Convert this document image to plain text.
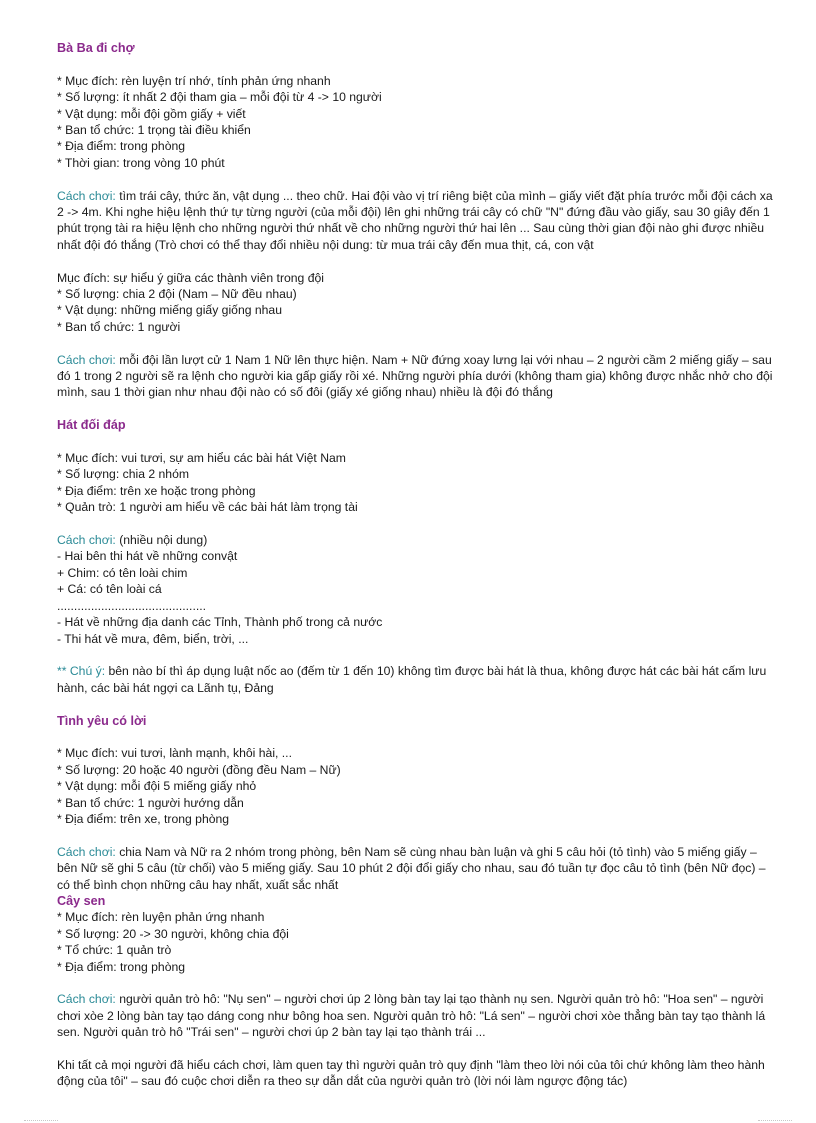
Bà Ba đi chợ
* Mục đích: rèn luyện trí nhớ, tính phản ứng nhanh
* Số lượng: ít nhất 2 đội tham gia – mỗi đội từ 4 -> 10 người
* Vật dụng: mỗi đội gồm giấy + viết
* Ban tổ chức: 1 trọng tài điều khiển
* Địa điểm: trong phòng
* Thời gian: trong vòng 10 phút
Cách chơi: tìm trái cây, thức ăn, vật dụng ... theo chữ. Hai đội vào vị trí riêng biệt của mình – giấy viết đặt phía trước mỗi đội cách xa 2 -> 4m. Khi nghe hiệu lệnh thứ tự từng người (của mỗi đội) lên ghi những trái cây có chữ "N" đứng đầu vào giấy, sau 30 giây đến 1 phút trọng tài ra hiệu lệnh cho những người thứ nhất về cho những người thứ hai lên ... Sau cùng thời gian đội nào ghi được nhiều nhất đội đó thắng (Trò chơi có thể thay đổi nhiều nội dung: từ mua trái cây đến mua thịt, cá, con vật
Mục đích: sự hiểu ý giữa các thành viên trong đội
* Số lượng: chia 2 đội (Nam – Nữ đều nhau)
* Vật dụng: những miếng giấy giống nhau
* Ban tổ chức: 1 người
Cách chơi: mỗi đội lần lượt cử 1 Nam 1 Nữ lên thực hiện. Nam + Nữ đứng xoay lưng lại với nhau – 2 người cầm 2 miếng giấy – sau đó 1 trong 2 người sẽ ra lệnh cho người kia gấp giấy rồi xé. Những người phía dưới (không tham gia) không được nhắc nhở cho đội mình, sau 1 thời gian như nhau đội nào có số đôi (giấy xé giống nhau) nhiều là đội đó thắng
Hát đối đáp
* Mục đích: vui tươi, sự am hiểu các bài hát Việt Nam
* Số lượng: chia 2 nhóm
* Địa điểm: trên xe hoặc trong phòng
* Quản trò: 1 người am hiểu về các bài hát làm trọng tài
Cách chơi: (nhiều nội dung)
- Hai bên thi hát về những convật
+ Chim: có tên loài chim
+ Cá: có tên loài cá
............................................
- Hát về những địa danh các Tỉnh, Thành phố trong cả nước
- Thi hát về mưa, đêm, biển, trời, ...
** Chú ý: bên nào bí thì áp dụng luật nốc ao (đếm từ 1 đến 10) không tìm được bài hát là thua, không được hát các bài hát cấm lưu hành, các bài hát ngợi ca Lãnh tụ, Đảng
Tình yêu có lời
* Mục đích: vui tươi, lành mạnh, khôi hài, ...
* Số lượng: 20 hoặc 40 người (đồng đều Nam – Nữ)
* Vật dụng: mỗi đội 5 miếng giấy nhỏ
* Ban tổ chức: 1 người hướng dẫn
* Địa điểm: trên xe, trong phòng
Cách chơi: chia Nam và Nữ ra 2 nhóm trong phòng, bên Nam sẽ cùng nhau bàn luận và ghi 5 câu hỏi (tỏ tình) vào 5 miếng giấy – bên Nữ sẽ ghi 5 câu (từ chối) vào 5 miếng giấy. Sau 10 phút 2 đội đổi giấy cho nhau, sau đó tuần tự đọc câu tỏ tình (bên Nữ đọc) – có thể bình chọn những câu hay nhất, xuất sắc nhất
Cây sen
* Mục đích: rèn luyện phản ứng nhanh
* Số lượng: 20 -> 30 người, không chia đội
* Tổ chức: 1 quản trò
* Địa điểm: trong phòng
Cách chơi: người quản trò hô: "Nụ sen" – người chơi úp 2 lòng bàn tay lại tạo thành nụ sen. Người quản trò hô: "Hoa sen" – người chơi xòe 2 lòng bàn tay tạo dáng cong như bông hoa sen. Người quản trò hô: "Lá sen" – người chơi xòe thẳng bàn tay tạo thành lá sen. Người quản trò hô "Trái sen" – người chơi úp 2 bàn tay lại tạo thành trái ...
Khi tất cả mọi người đã hiểu cách chơi, làm quen tay thì người quản trò quy định "làm theo lời nói của tôi chứ không làm theo hành động của tôi" – sau đó cuộc chơi diễn ra theo sự dẫn dắt của người quản trò (lời nói làm ngược động tác)
